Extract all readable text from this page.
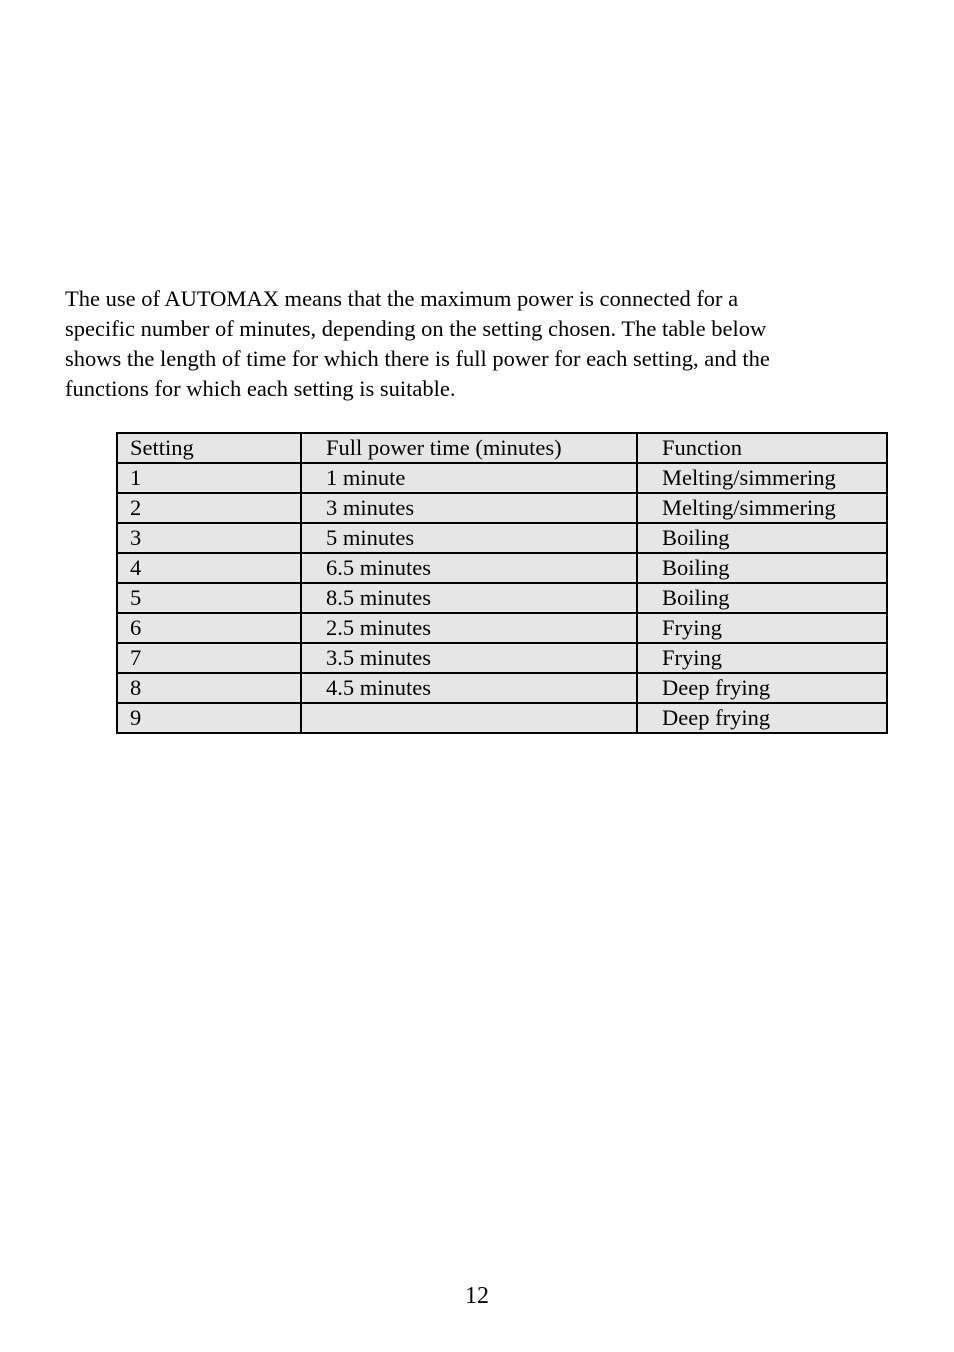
The use of AUTOMAX means that the maximum power is connected for a
specific number of minutes, depending on the setting chosen. The table below
shows the length of time for which there is full power for each setting, and the
functions for which each setting is suitable.

Setting	Full power time (minutes)	Function
1	1 minute	Melting/simmering
2	3 minutes	Melting/simmering
3	5 minutes	Boiling
4	6.5 minutes	Boiling
5	8.5 minutes	Boiling
6	2.5 minutes	Frying
7	3.5 minutes	Frying
8	4.5 minutes	Deep frying
9		Deep frying
12
